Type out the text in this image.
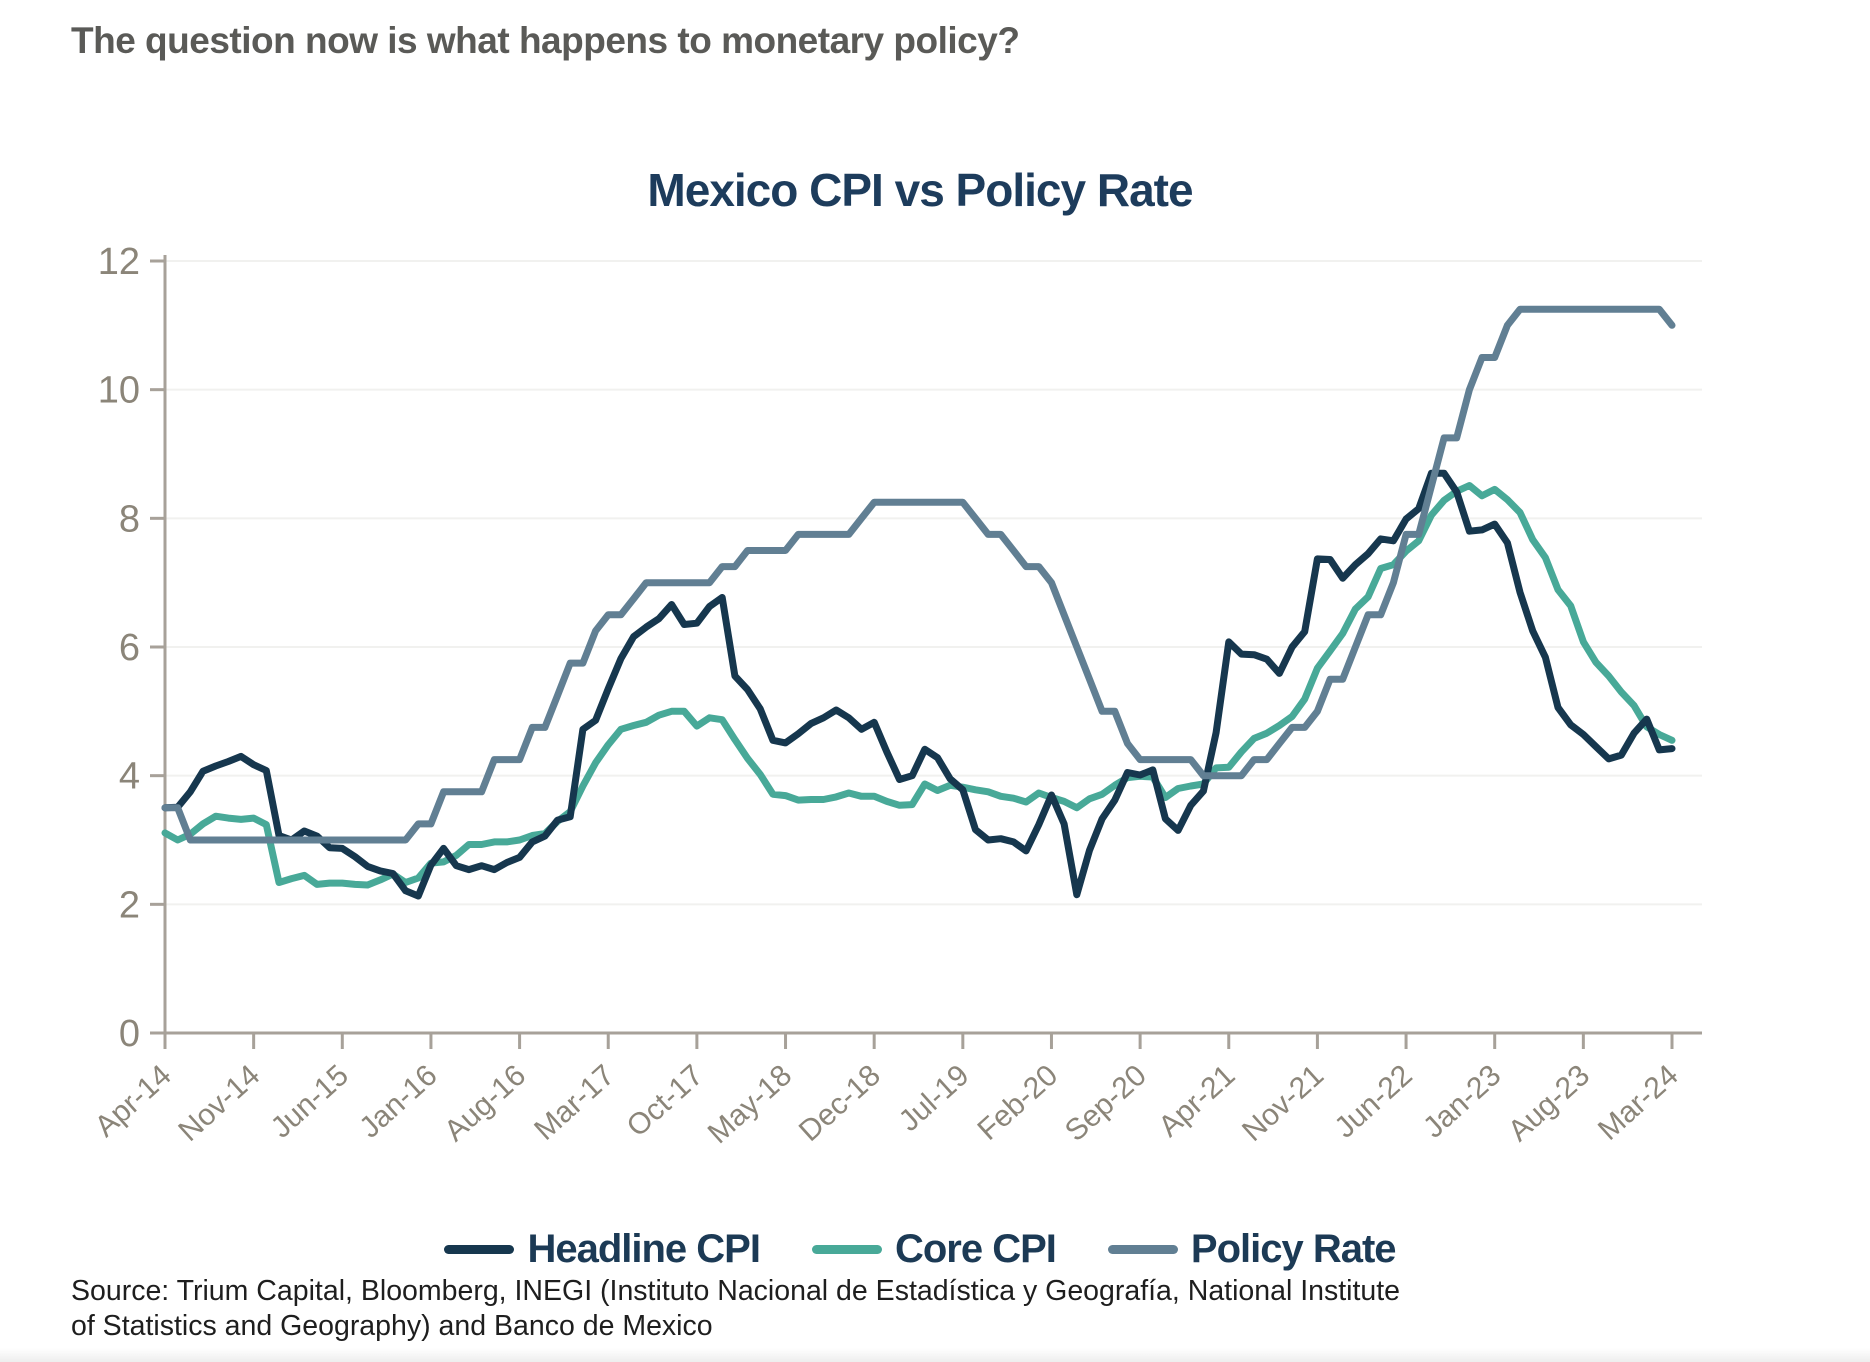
The question now is what happens to monetary policy?
Mexico CPI vs Policy Rate
0
2
4
6
8
10
12
Apr-14
Nov-14
Jun-15
Jan-16
Aug-16
Mar-17 Oct-17
May-18
Dec-18 Jul-19
Feb-20
Sep-20 Apr-21
Nov-21
Jun-22
Jan-23
Aug-23
Mar-24
Headline CPI	Core CPI	Policy Rate

Source: Trium Capital, Bloomberg, INEGI (Instituto Nacional de Estadística y Geografía, National Institute of Statistics and Geography) and Banco de Mexico
